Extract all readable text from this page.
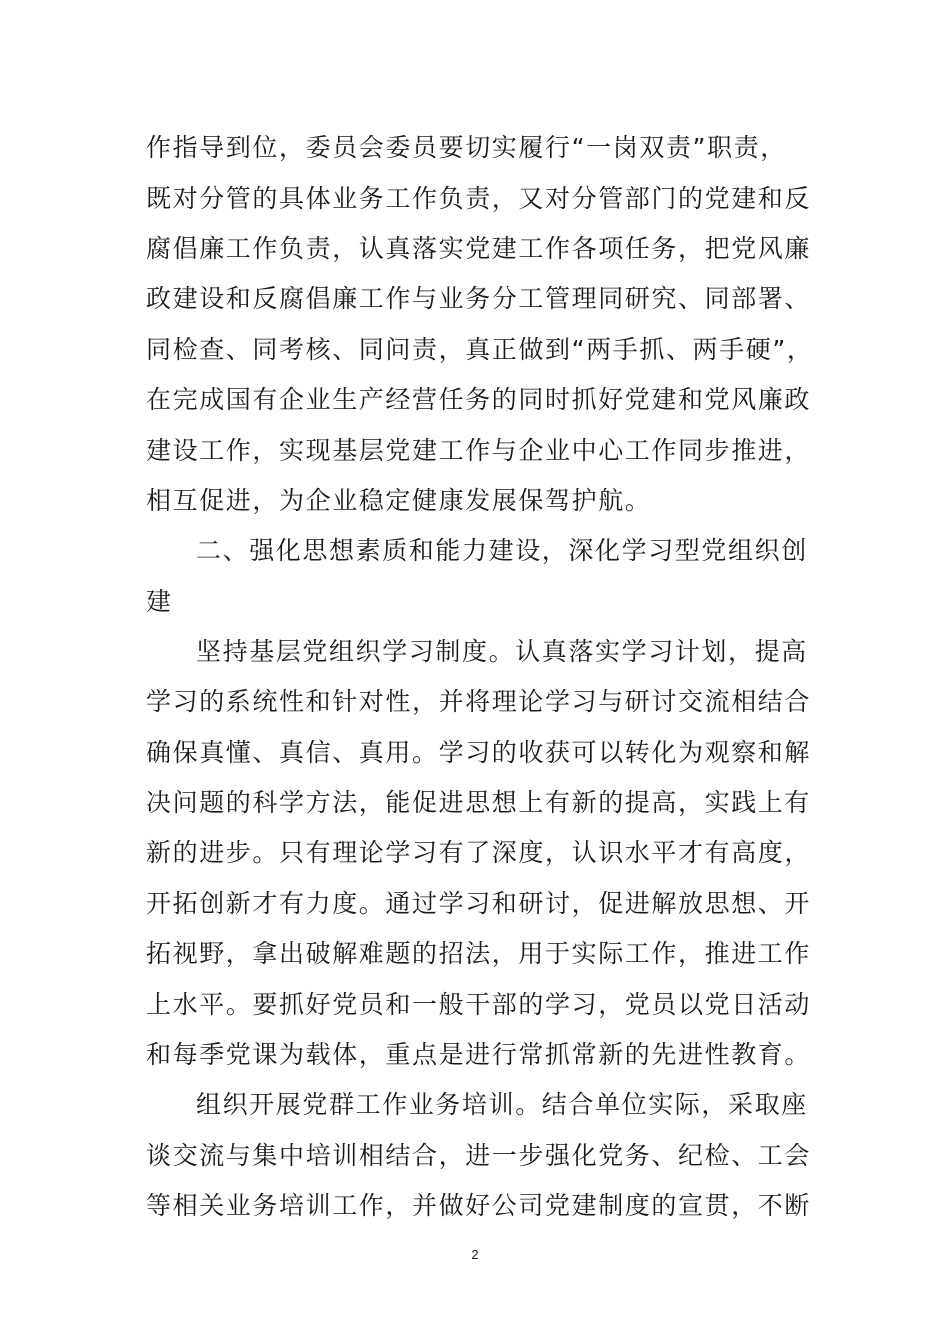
作指导到位，委员会委员要切实履行“一岗双责”职责，
既对分管的具体业务工作负责，又对分管部门的党建和反
腐倡廉工作负责，认真落实党建工作各项任务，把党风廉
政建设和反腐倡廉工作与业务分工管理同研究、同部署、
同检查、同考核、同问责，真正做到“两手抓、两手硬”，
在完成国有企业生产经营任务的同时抓好党建和党风廉政
建设工作，实现基层党建工作与企业中心工作同步推进，
相互促进，为企业稳定健康发展保驾护航。
二、强化思想素质和能力建设，深化学习型党组织创
建
坚持基层党组织学习制度。认真落实学习计划，提高
学习的系统性和针对性，并将理论学习与研讨交流相结合
确保真懂、真信、真用。学习的收获可以转化为观察和解
决问题的科学方法，能促进思想上有新的提高，实践上有
新的进步。只有理论学习有了深度，认识水平才有高度，
开拓创新才有力度。通过学习和研讨，促进解放思想、开
拓视野，拿出破解难题的招法，用于实际工作，推进工作
上水平。要抓好党员和一般干部的学习，党员以党日活动
和每季党课为载体，重点是进行常抓常新的先进性教育。
组织开展党群工作业务培训。结合单位实际，采取座
谈交流与集中培训相结合，进一步强化党务、纪检、工会
等相关业务培训工作，并做好公司党建制度的宣贯，不断
2
